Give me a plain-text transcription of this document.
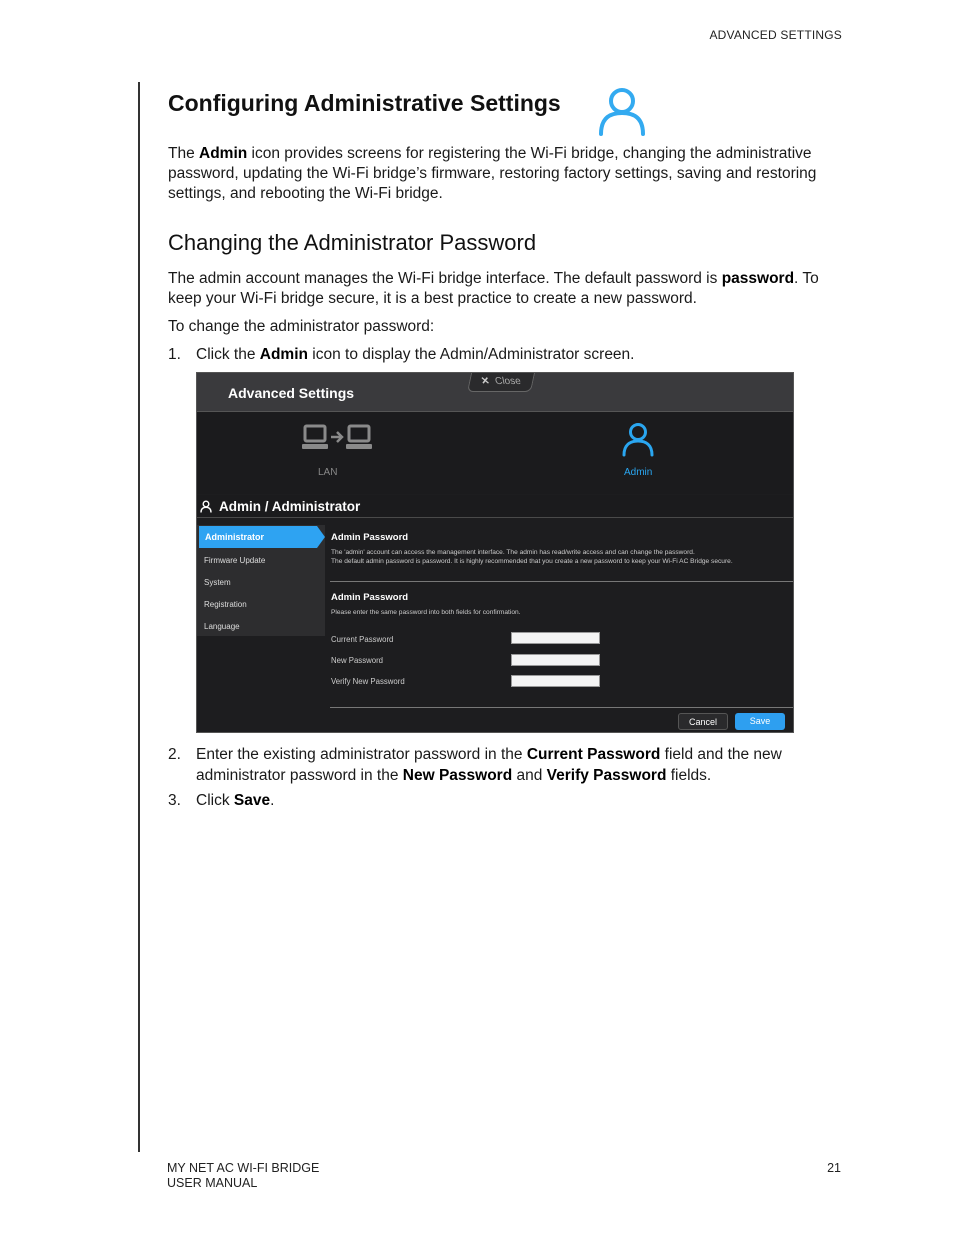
ADVANCED SETTINGS
Configuring Administrative Settings
The Admin icon provides screens for registering the Wi-Fi bridge, changing the administrative password, updating the Wi-Fi bridge’s firmware, restoring factory settings, saving and restoring settings, and rebooting the Wi-Fi bridge.
Changing the Administrator Password
The admin account manages the Wi-Fi bridge interface. The default password is password. To keep your Wi-Fi bridge secure, it is a best practice to create a new password.
To change the administrator password:
1. Click the Admin icon to display the Admin/Administrator screen.
Advanced Settings
✕ Close
LAN	Admin
Admin / Administrator
Administrator
Firmware Update
System
Registration
Language
Admin Password
The 'admin' account can access the management interface. The admin has read/write access and can change the password.
The default admin password is password. It is highly recommended that you create a new password to keep your Wi-Fi AC Bridge secure.
Admin Password
Please enter the same password into both fields for confirmation.
Current Password
New Password
Verify New Password
Cancel	Save
2. Enter the existing administrator password in the Current Password field and the new administrator password in the New Password and Verify Password fields.
3. Click Save.
MY NET AC WI-FI BRIDGE
USER MANUAL
21
